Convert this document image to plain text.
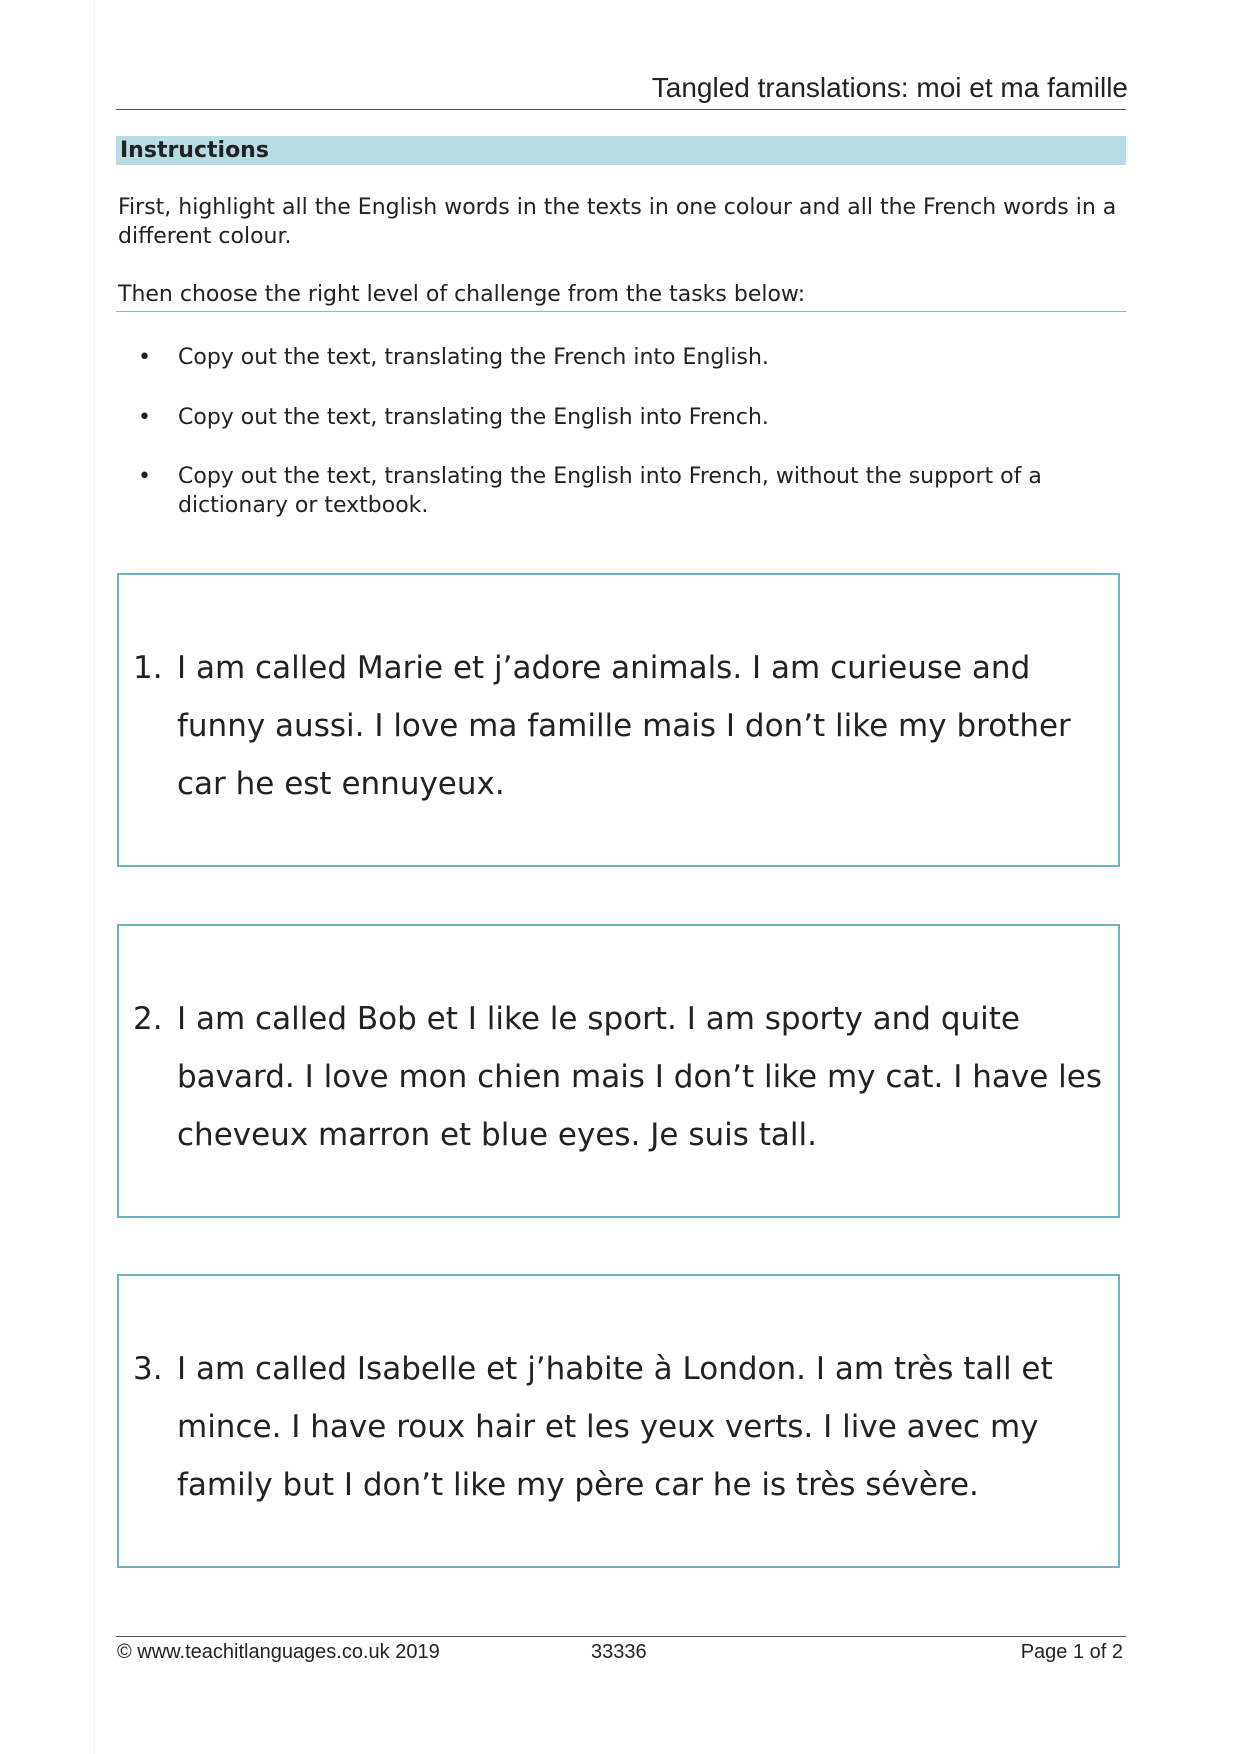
Tangled translations: moi et ma famille
Instructions
First, highlight all the English words in the texts in one colour and all the French words in a different colour.
Then choose the right level of challenge from the tasks below:
•	Copy out the text, translating the French into English.
•	Copy out the text, translating the English into French.
•	Copy out the text, translating the English into French, without the support of a dictionary or textbook.
1. I am called Marie et j’adore animals. I am curieuse and funny aussi. I love ma famille mais I don’t like my brother car he est ennuyeux.
2. I am called Bob et I like le sport. I am sporty and quite bavard. I love mon chien mais I don’t like my cat. I have les cheveux marron et blue eyes. Je suis tall.
3. I am called Isabelle et j’habite à London. I am très tall et mince. I have roux hair et les yeux verts. I live avec my family but I don’t like my père car he is très sévère.
© www.teachitlanguages.co.uk 2019	33336	Page 1 of 2
